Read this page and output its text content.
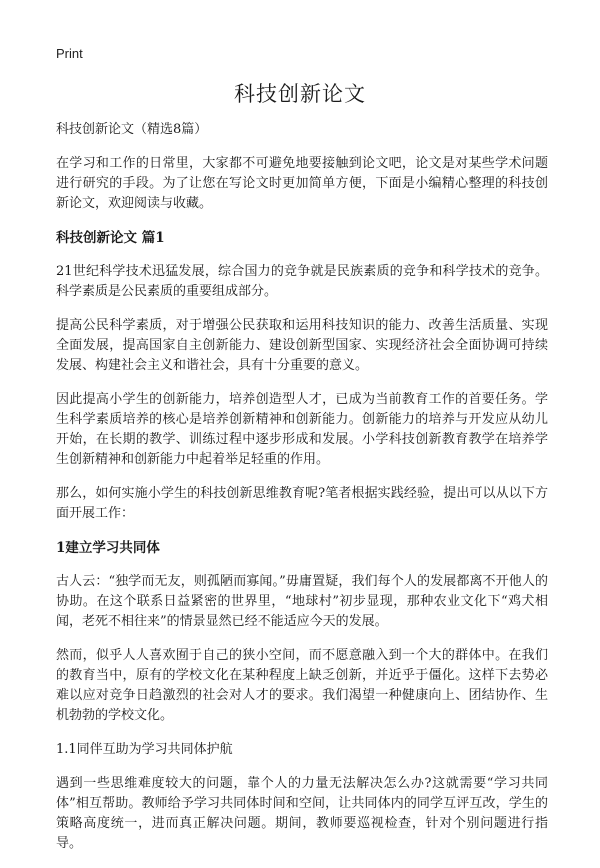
Print
科技创新论文

科技创新论文（精选8篇）

在学习和工作的日常里，大家都不可避免地要接触到论文吧，论文是对某些学术问题进行研究的手段。为了让您在写论文时更加简单方便，下面是小编精心整理的科技创新论文，欢迎阅读与收藏。

科技创新论文 篇1

21世纪科学技术迅猛发展，综合国力的竞争就是民族素质的竞争和科学技术的竞争。科学素质是公民素质的重要组成部分。

提高公民科学素质，对于增强公民获取和运用科技知识的能力、改善生活质量、实现全面发展，提高国家自主创新能力、建设创新型国家、实现经济社会全面协调可持续发展、构建社会主义和谐社会，具有十分重要的意义。

因此提高小学生的创新能力，培养创造型人才，已成为当前教育工作的首要任务。学生科学素质培养的核心是培养创新精神和创新能力。创新能力的培养与开发应从幼儿开始，在长期的教学、训练过程中逐步形成和发展。小学科技创新教育教学在培养学生创新精神和创新能力中起着举足轻重的作用。

那么，如何实施小学生的科技创新思维教育呢?笔者根据实践经验，提出可以从以下方面开展工作：

1建立学习共同体

古人云：“独学而无友，则孤陋而寡闻。”毋庸置疑，我们每个人的发展都离不开他人的协助。在这个联系日益紧密的世界里，“地球村”初步显现，那种农业文化下“鸡犬相闻，老死不相往来”的情景显然已经不能适应今天的发展。

然而，似乎人人喜欢囿于自己的狭小空间，而不愿意融入到一个大的群体中。在我们的教育当中，原有的学校文化在某种程度上缺乏创新，并近乎于僵化。这样下去势必难以应对竞争日趋激烈的社会对人才的要求。我们渴望一种健康向上、团结协作、生机勃勃的学校文化。

1.1同伴互助为学习共同体护航

遇到一些思维难度较大的问题，靠个人的力量无法解决怎么办?这就需要“学习共同体”相互帮助。教师给予学习共同体时间和空间，让共同体内的同学互评互改，学生的策略高度统一，进而真正解决问题。期间，教师要巡视检查，针对个别问题进行指导。
